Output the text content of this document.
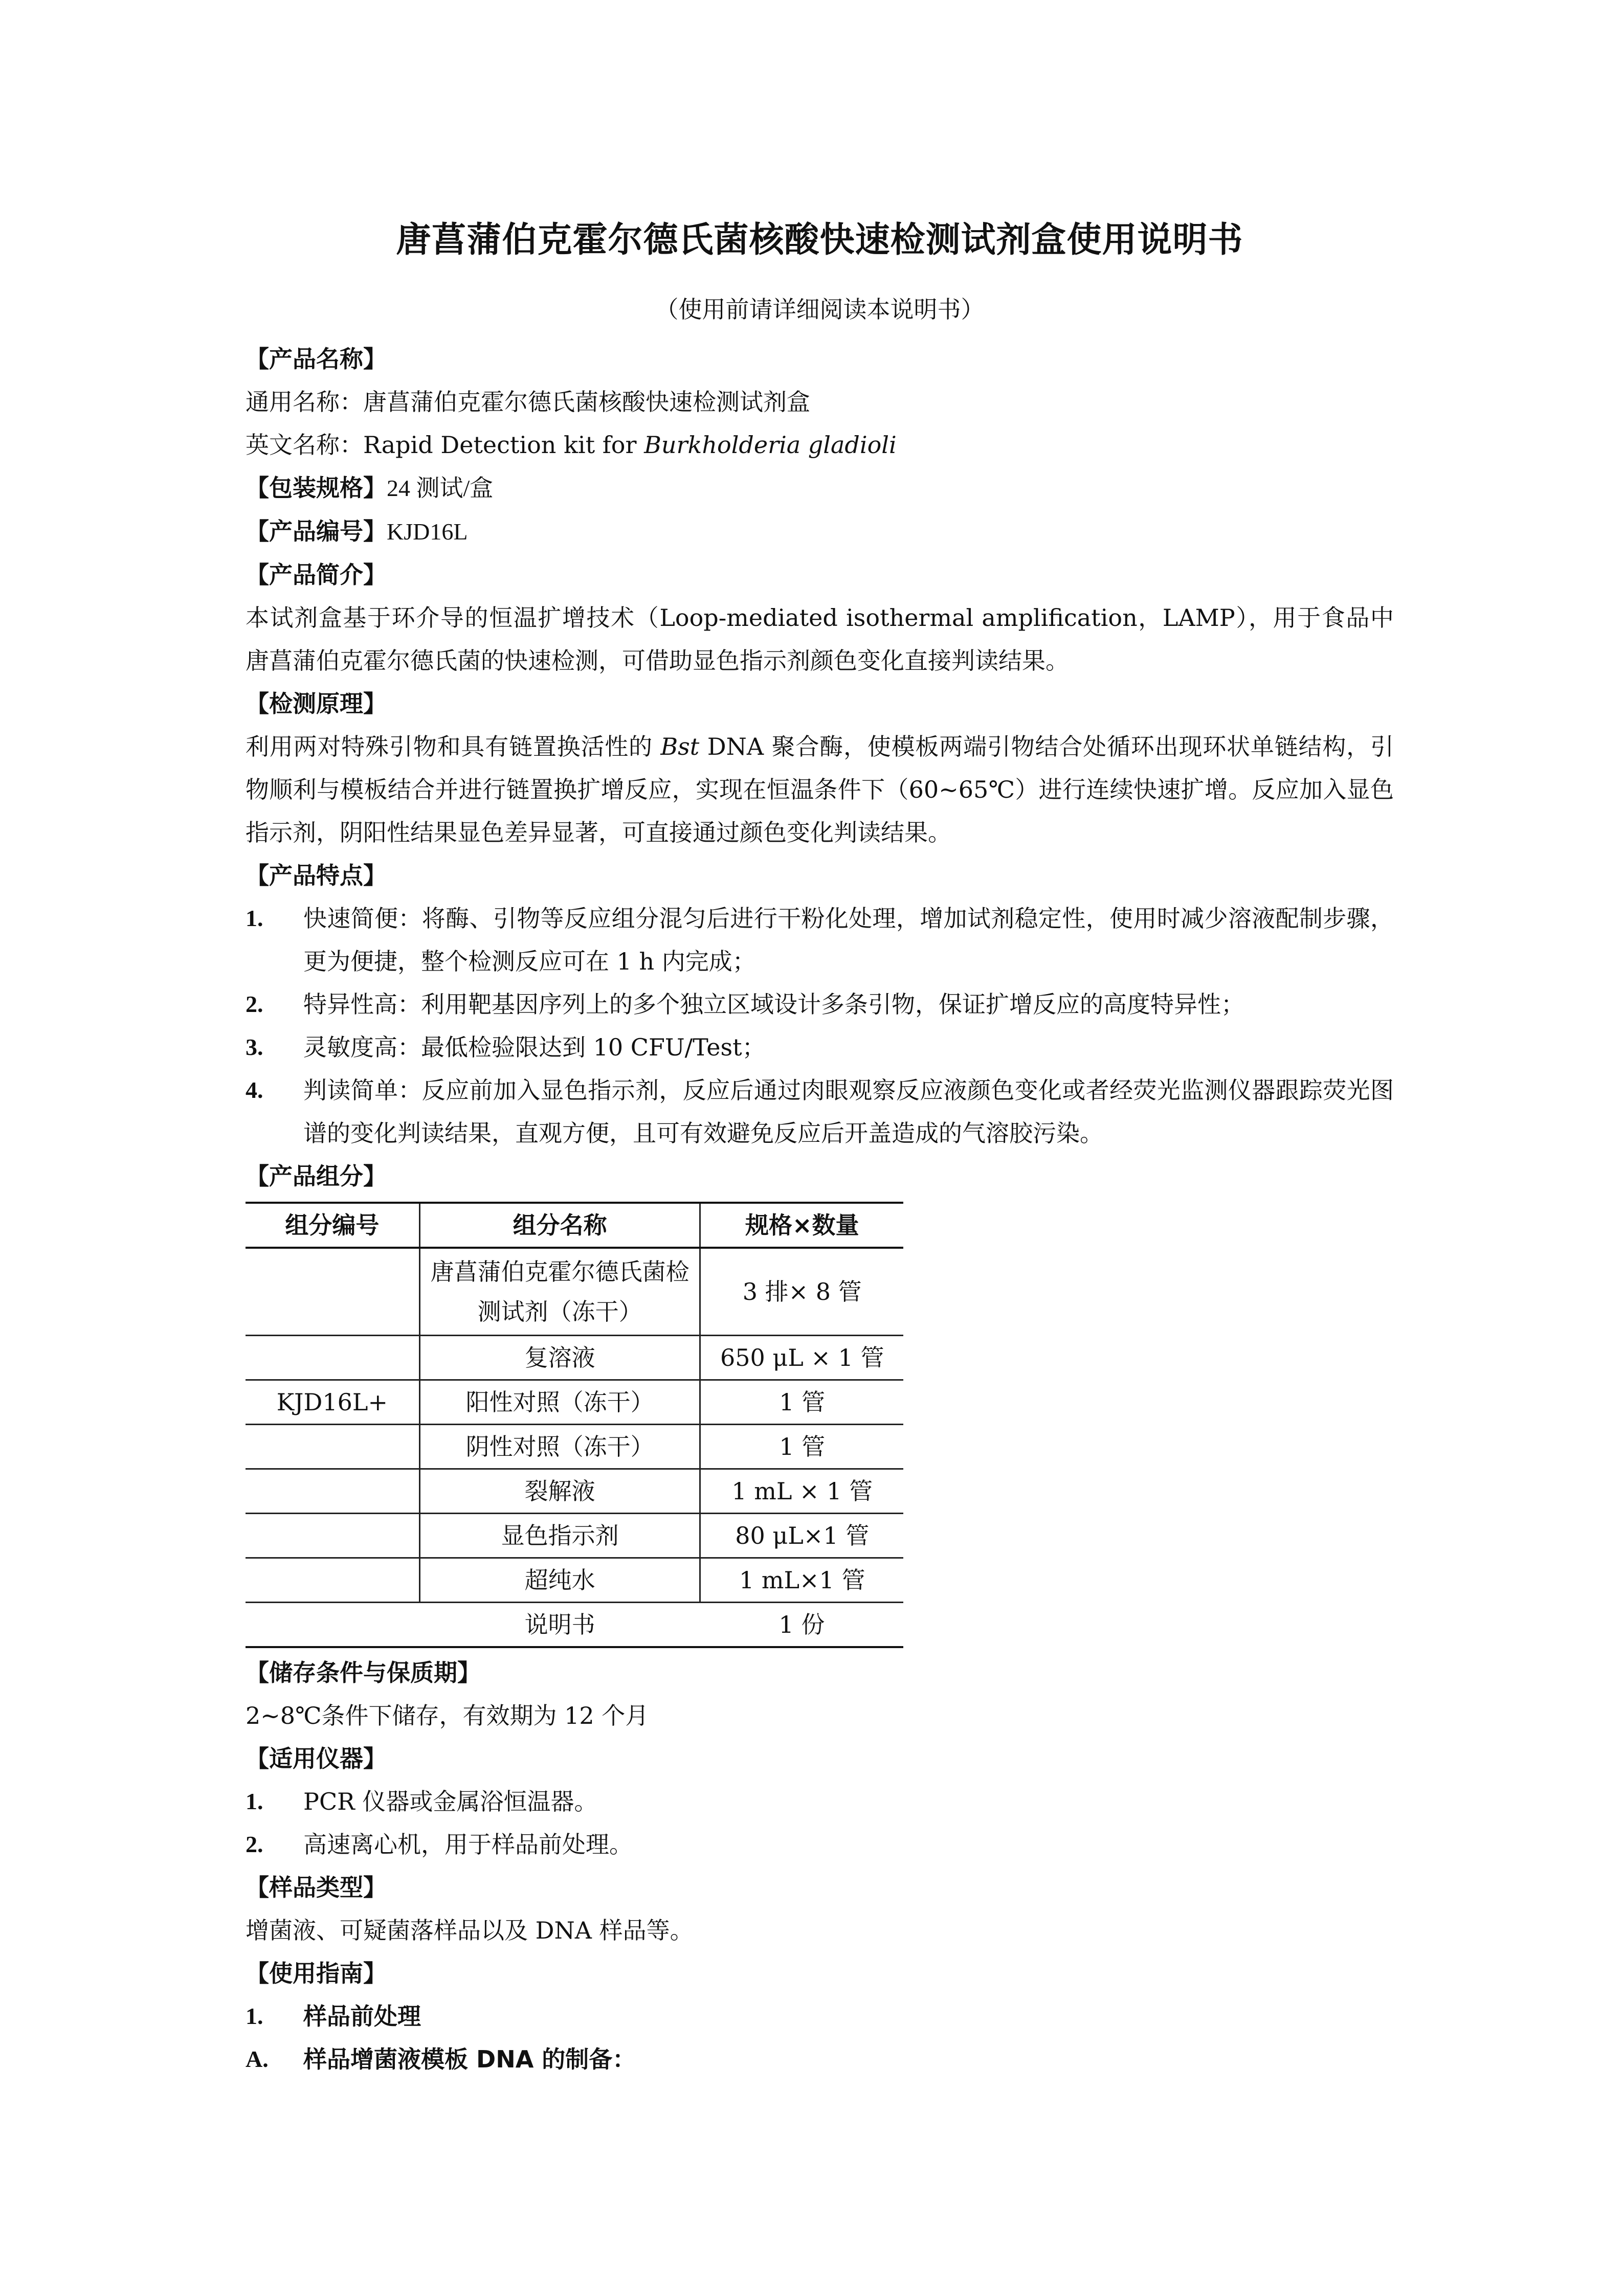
唐菖蒲伯克霍尔德氏菌核酸快速检测试剂盒使用说明书
（使用前请详细阅读本说明书）
【产品名称】
通用名称：唐菖蒲伯克霍尔德氏菌核酸快速检测试剂盒
英文名称：Rapid Detection kit for Burkholderia gladioli
【包装规格】24 测试/盒
【产品编号】KJD16L
【产品简介】
本试剂盒基于环介导的恒温扩增技术（Loop-mediated isothermal amplification，LAMP），用于食品中唐菖蒲伯克霍尔德氏菌的快速检测，可借助显色指示剂颜色变化直接判读结果。
【检测原理】
利用两对特殊引物和具有链置换活性的 Bst DNA 聚合酶，使模板两端引物结合处循环出现环状单链结构，引物顺利与模板结合并进行链置换扩增反应，实现在恒温条件下（60~65℃）进行连续快速扩增。反应加入显色指示剂，阴阳性结果显色差异显著，可直接通过颜色变化判读结果。
【产品特点】
1.	快速简便：将酶、引物等反应组分混匀后进行干粉化处理，增加试剂稳定性，使用时减少溶液配制步骤，更为便捷，整个检测反应可在 1 h 内完成；
2.	特异性高：利用靶基因序列上的多个独立区域设计多条引物，保证扩增反应的高度特异性；
3.	灵敏度高：最低检验限达到 10 CFU/Test；
4.	判读简单：反应前加入显色指示剂，反应后通过肉眼观察反应液颜色变化或者经荧光监测仪器跟踪荧光图谱的变化判读结果，直观方便，且可有效避免反应后开盖造成的气溶胶污染。
【产品组分】
组分编号	组分名称	规格×数量
	唐菖蒲伯克霍尔德氏菌检测试剂（冻干）	3 排× 8 管
	复溶液	650 μL × 1 管
KJD16L+	阳性对照（冻干）	1 管
	阴性对照（冻干）	1 管
	裂解液	1 mL × 1 管
	显色指示剂	80 μL×1 管
	超纯水	1 mL×1 管
	说明书	1 份
【储存条件与保质期】
2~8℃条件下储存，有效期为 12 个月
【适用仪器】
1.	PCR 仪器或金属浴恒温器。
2.	高速离心机，用于样品前处理。
【样品类型】
增菌液、可疑菌落样品以及 DNA 样品等。
【使用指南】
1.	样品前处理
A.	样品增菌液模板 DNA 的制备：
